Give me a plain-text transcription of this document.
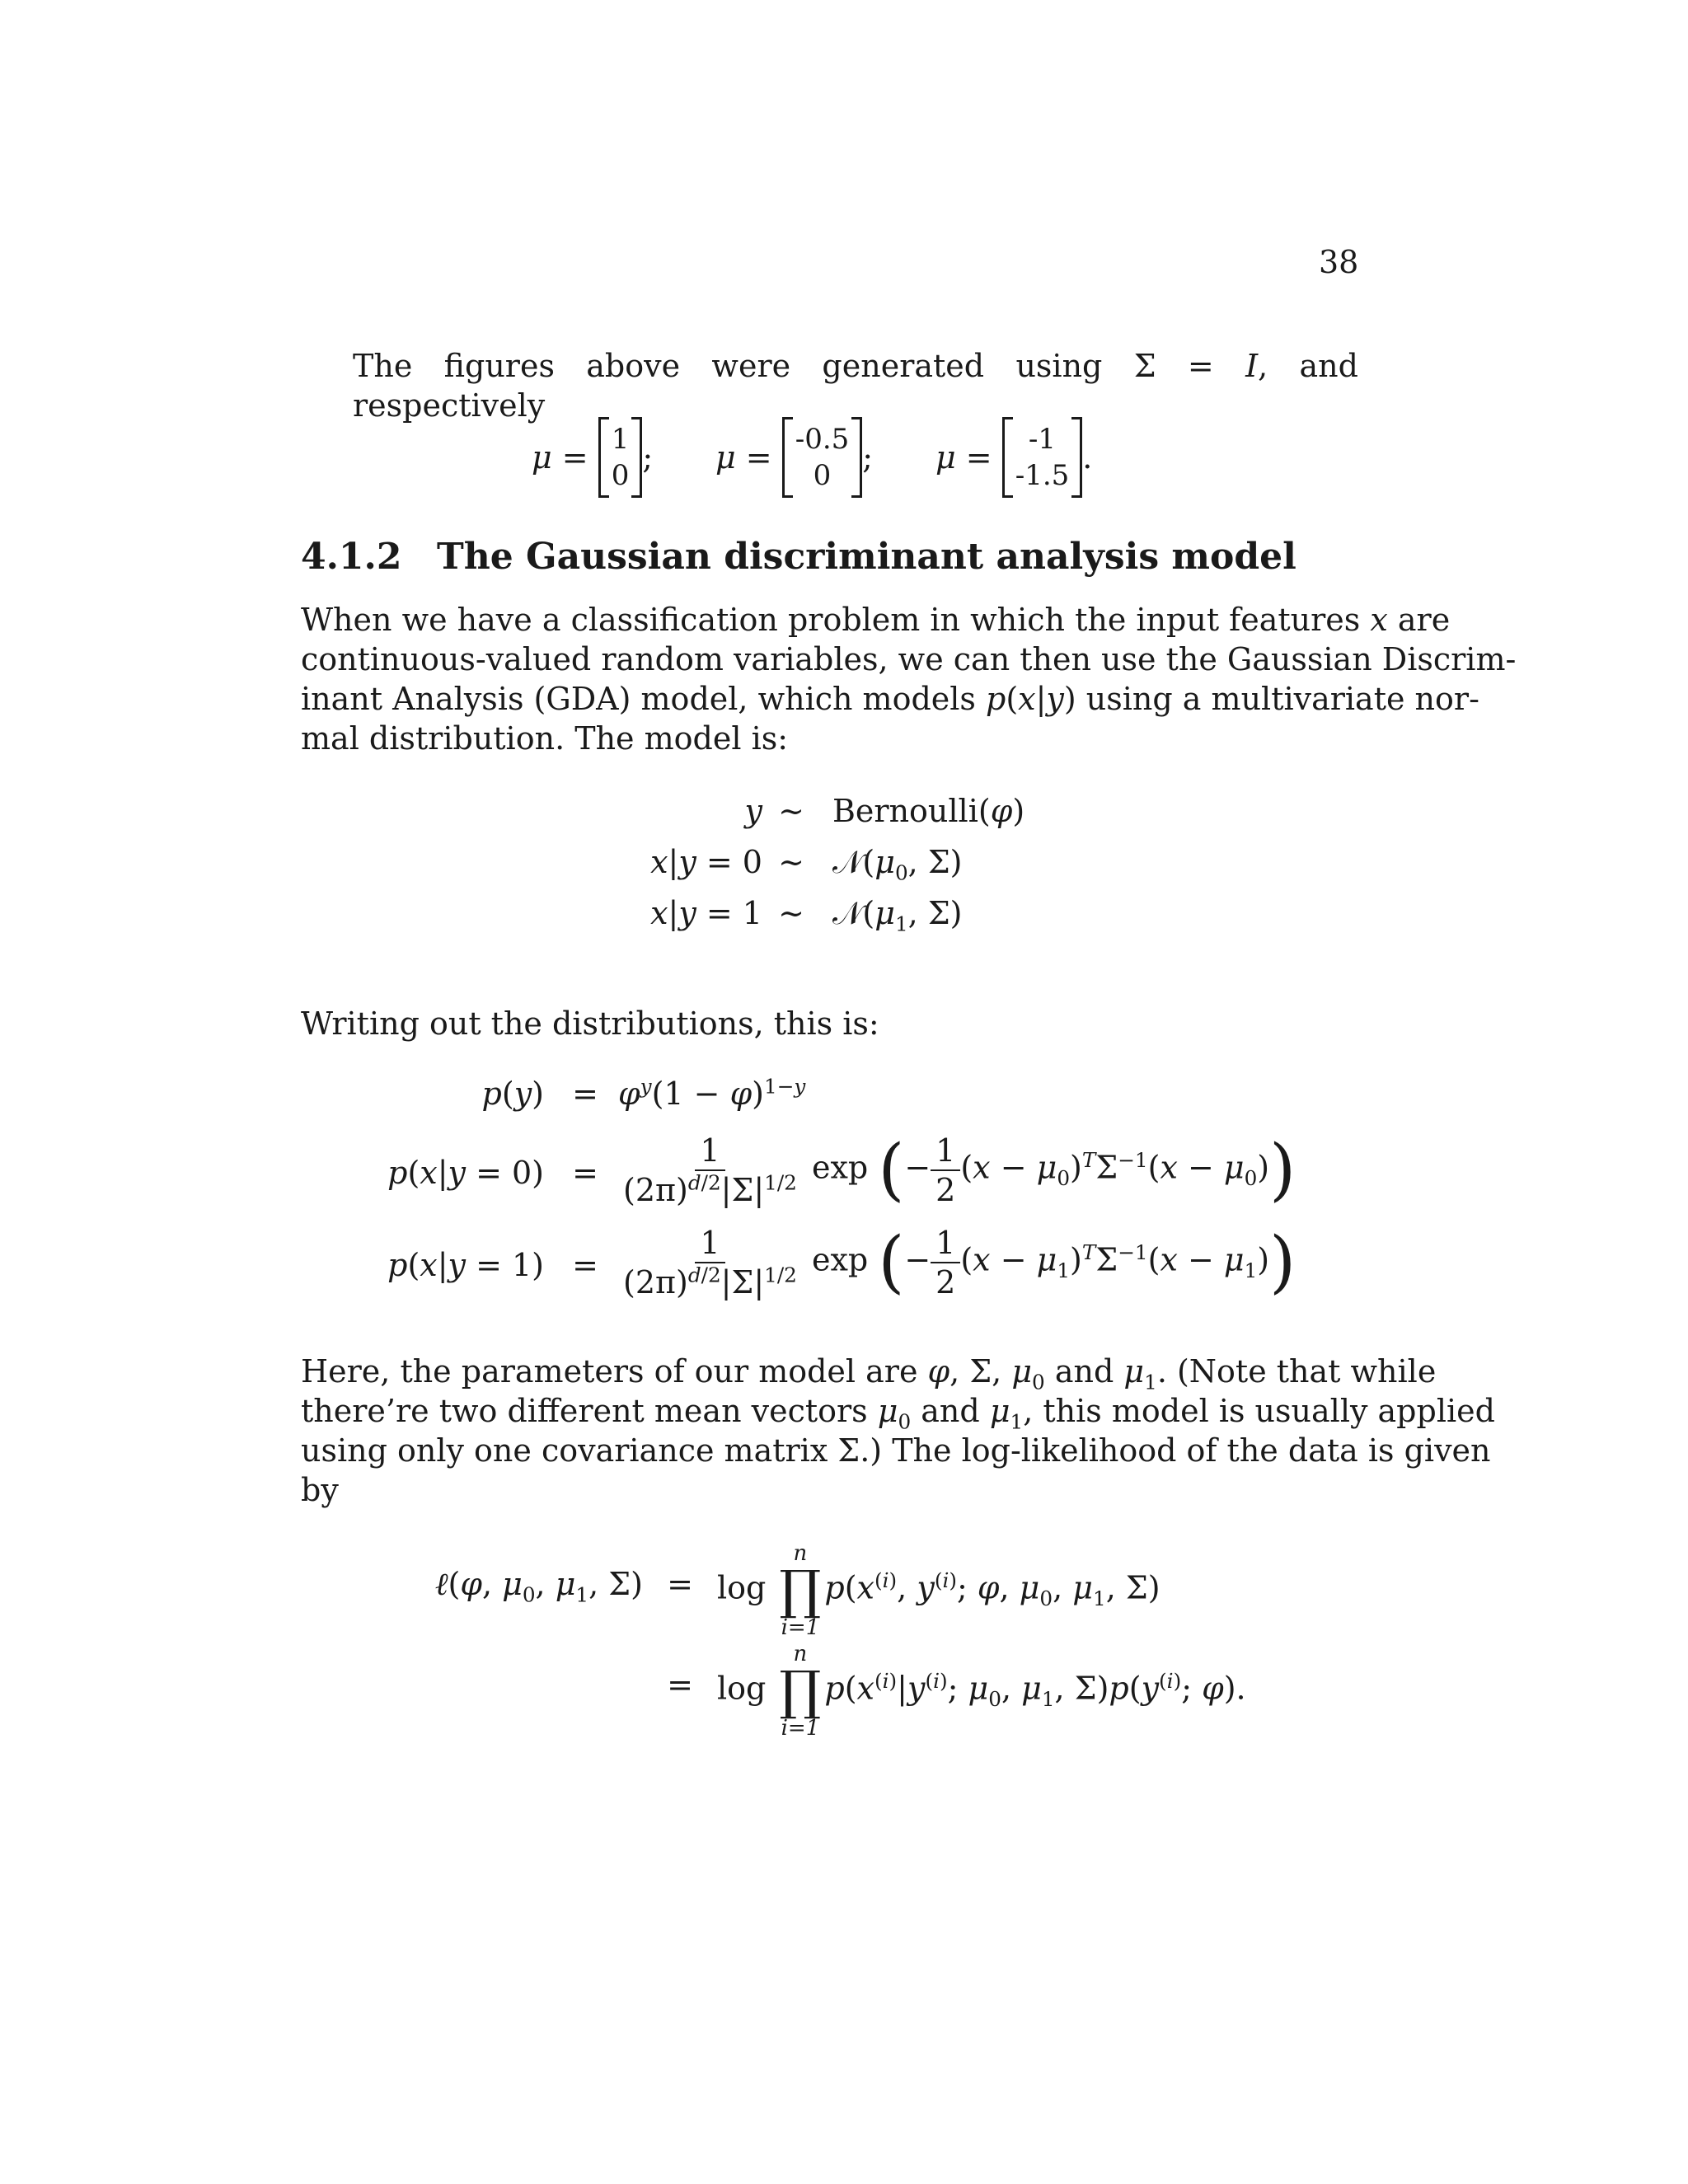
38
The figures above were generated using Σ = I, and respectively
μ = 1
0 ; μ = -0.5
0 ; μ = -1
-1.5 .
4.1.2 The Gaussian discriminant analysis model
When we have a classification problem in which the input features x are
continuous-valued random variables, we can then use the Gaussian Discrim-
inant Analysis (GDA) model, which models p(x|y) using a multivariate nor-
mal distribution. The model is:
y ∼ Bernoulli(φ)
x|y = 0 ∼ $𝒩(\mu_0$, Σ)
x|y = 1 ∼ $𝒩(\mu_1$, Σ)
Writing out the distributions, this is:
$p(y) = \varphi^y(1 - \varphi)^{1-y}$
$p(x|y = 0) = \frac{1}{(2\pi)^{d/2}|\Sigma|^{1/2}}$ exp (− $\frac{1}{2} (x - \mu_0)^T\Sigma^{-1}(x - \mu_0)$)
$p(x|y = 1) = \frac{1}{(2\pi)^{d/2}|\Sigma|^{1/2}}$ exp (− $\frac{1}{2} (x - \mu_1)^T\Sigma^{-1}(x - \mu_1)$)
Here, the parameters of our model are φ, Σ, $\mu_0$ and $\mu_1$. (Note that while
there’re two different mean vectors $\mu_0$ and $\mu_1$, this model is usually applied
using only one covariance matrix Σ.) The log-likelihood of the data is given
by
ℓ(φ, $\mu_0$, $\mu_1$, Σ) = log
n
∏
i=1
$p(x^{(i)}$, $y^{(i)}$; φ, $\mu_0$, $\mu_1$, Σ)
= log
n
∏
i=1
$p(x^{(i)}|y^{(i)}$; $\mu_0$, $\mu_1$, $\Sigma)p(y^{(i)}$; φ).
